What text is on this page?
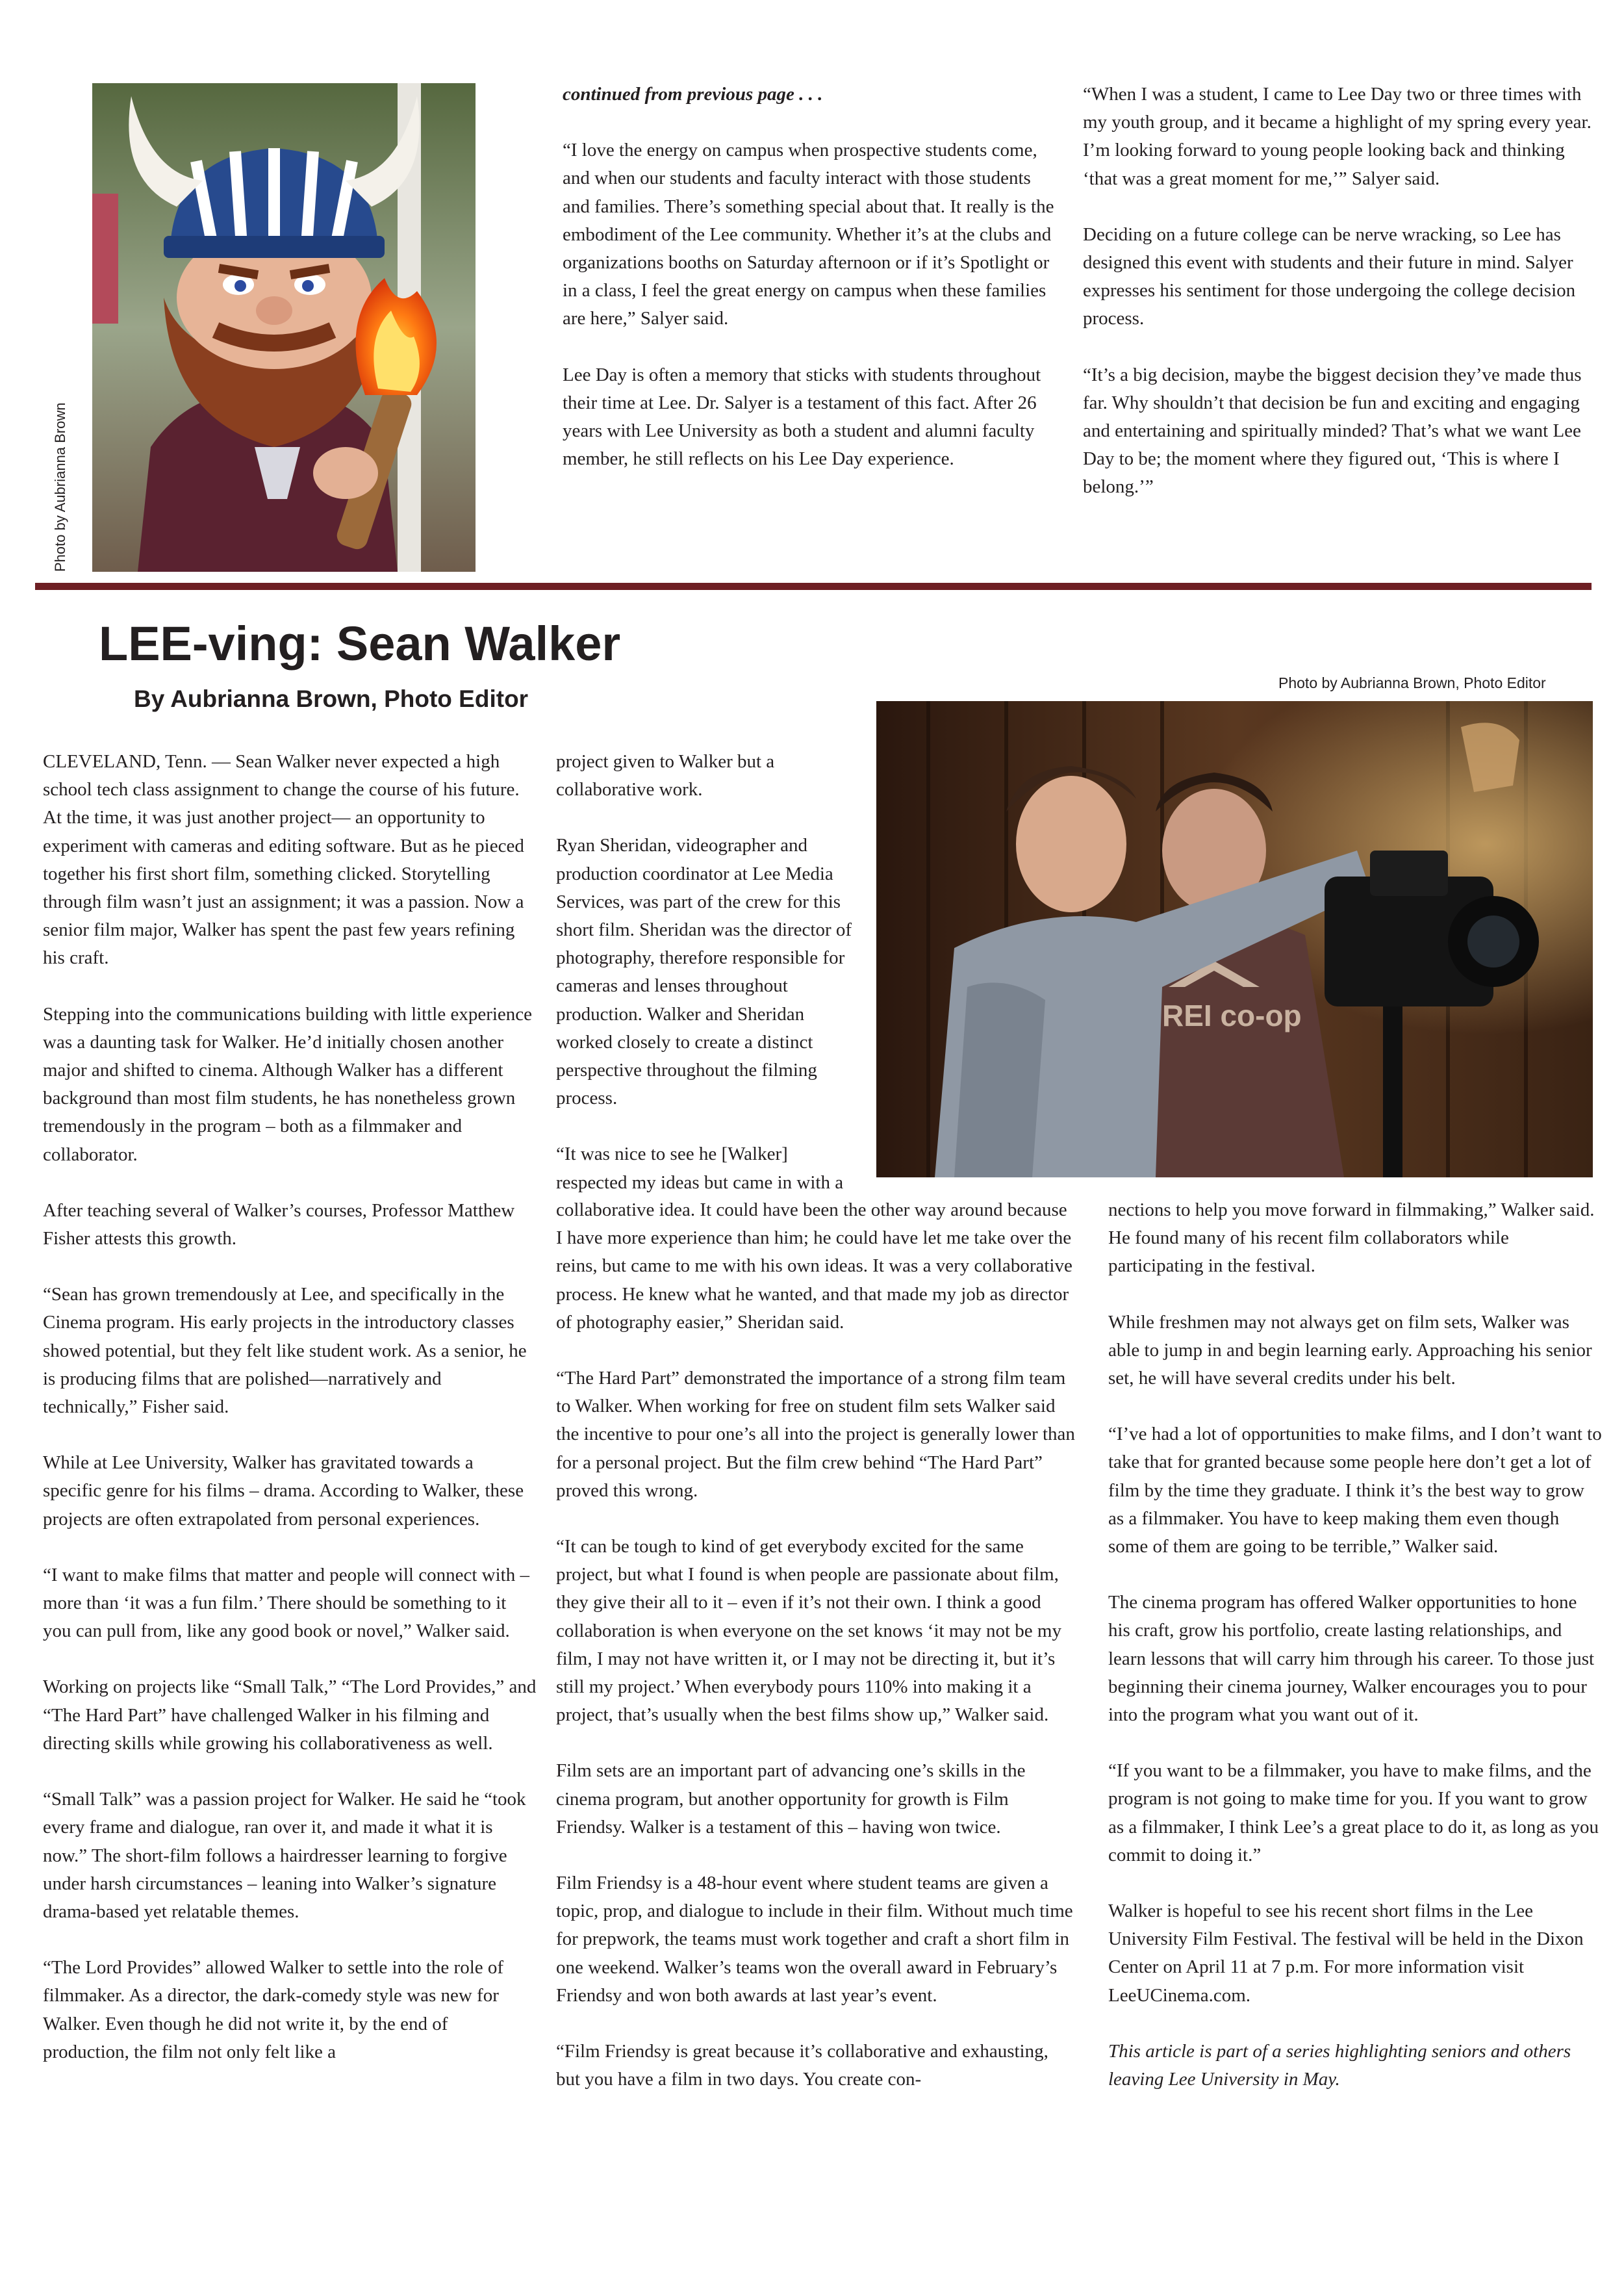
Photo by Aubrianna Brown

continued from previous page . . .

“I love the energy on campus when prospective students come, and when our students and faculty interact with those students and families. There’s something special about that. It really is the embodiment of the Lee community. Whether it’s at the clubs and organizations booths on Saturday afternoon or if it’s Spotlight or in a class, I feel the great energy on campus when these families are here,” Salyer said.

Lee Day is often a memory that sticks with students throughout their time at Lee. Dr. Salyer is a testament of this fact. After 26 years with Lee University as both a student and alumni faculty member, he still reflects on his Lee Day experience.

“When I was a student, I came to Lee Day two or three times with my youth group, and it became a highlight of my spring every year. I’m looking forward to young people looking back and thinking ‘that was a great moment for me,’” Salyer said.

Deciding on a future college can be nerve wracking, so Lee has designed this event with students and their future in mind. Salyer expresses his sentiment for those undergoing the college decision process.

“It’s a big decision, maybe the biggest decision they’ve made thus far. Why shouldn’t that decision be fun and exciting and engaging and entertaining and spiritually minded? That’s what we want Lee Day to be; the moment where they figured out, ‘This is where I belong.’”

LEE-ving: Sean Walker
By Aubrianna Brown, Photo Editor
Photo by Aubrianna Brown, Photo Editor
REI co-op

CLEVELAND, Tenn. — Sean Walker never expected a high school tech class assignment to change the course of his future. At the time, it was just another project— an opportunity to experiment with cameras and editing software. But as he pieced together his first short film, something clicked. Storytelling through film wasn’t just an assignment; it was a passion. Now a senior film major, Walker has spent the past few years refining his craft.

Stepping into the communications building with little experience was a daunting task for Walker. He’d initially chosen another major and shifted to cinema. Although Walker has a different background than most film students, he has nonetheless grown tremendously in the program – both as a filmmaker and collaborator.

After teaching several of Walker’s courses, Professor Matthew Fisher attests this growth.

“Sean has grown tremendously at Lee, and specifically in the Cinema program. His early projects in the introductory classes showed potential, but they felt like student work. As a senior, he is producing films that are polished—narratively and technically,” Fisher said.

While at Lee University, Walker has gravitated towards a specific genre for his films – drama. According to Walker, these projects are often extrapolated from personal experiences.

“I want to make films that matter and people will connect with – more than ‘it was a fun film.’ There should be something to it you can pull from, like any good book or novel,” Walker said.

Working on projects like “Small Talk,” “The Lord Provides,” and “The Hard Part” have challenged Walker in his filming and directing skills while growing his collaborativeness as well.

“Small Talk” was a passion project for Walker. He said he “took every frame and dialogue, ran over it, and made it what it is now.” The short-film follows a hairdresser learning to forgive under harsh circumstances – leaning into Walker’s signature drama-based yet relatable themes.

“The Lord Provides” allowed Walker to settle into the role of filmmaker. As a director, the dark-comedy style was new for Walker. Even though he did not write it, by the end of production, the film not only felt like a

project given to Walker but a collaborative work.

Ryan Sheridan, videographer and production coordinator at Lee Media Services, was part of the crew for this short film. Sheridan was the director of photography, therefore responsible for cameras and lenses throughout production. Walker and Sheridan worked closely to create a distinct perspective throughout the filming process.

“It was nice to see he [Walker] respected my ideas but came in with a

collaborative idea. It could have been the other way around because I have more experience than him; he could have let me take over the reins, but came to me with his own ideas. It was a very collaborative process. He knew what he wanted, and that made my job as director of photography easier,” Sheridan said.

“The Hard Part” demonstrated the importance of a strong film team to Walker. When working for free on student film sets Walker said the incentive to pour one’s all into the project is generally lower than for a personal project. But the film crew behind “The Hard Part” proved this wrong.

“It can be tough to kind of get everybody excited for the same project, but what I found is when people are passionate about film, they give their all to it – even if it’s not their own. I think a good collaboration is when everyone on the set knows ‘it may not be my film, I may not have written it, or I may not be directing it, but it’s still my project.’ When everybody pours 110% into making it a project, that’s usually when the best films show up,” Walker said.

Film sets are an important part of advancing one’s skills in the cinema program, but another opportunity for growth is Film Friendsy. Walker is a testament of this – having won twice.

Film Friendsy is a 48-hour event where student teams are given a topic, prop, and dialogue to include in their film. Without much time for prepwork, the teams must work together and craft a short film in one weekend. Walker’s teams won the overall award in February’s Friendsy and won both awards at last year’s event.

“Film Friendsy is great because it’s collaborative and exhausting, but you have a film in two days. You create con-

nections to help you move forward in filmmaking,” Walker said. He found many of his recent film collaborators while participating in the festival.

While freshmen may not always get on film sets, Walker was able to jump in and begin learning early. Approaching his senior set, he will have several credits under his belt.

“I’ve had a lot of opportunities to make films, and I don’t want to take that for granted because some people here don’t get a lot of film by the time they graduate. I think it’s the best way to grow as a filmmaker. You have to keep making them even though some of them are going to be terrible,” Walker said.

The cinema program has offered Walker opportunities to hone his craft, grow his portfolio, create lasting relationships, and learn lessons that will carry him through his career. To those just beginning their cinema journey, Walker encourages you to pour into the program what you want out of it.

“If you want to be a filmmaker, you have to make films, and the program is not going to make time for you. If you want to grow as a filmmaker, I think Lee’s a great place to do it, as long as you commit to doing it.”

Walker is hopeful to see his recent short films in the Lee University Film Festival. The festival will be held in the Dixon Center on April 11 at 7 p.m. For more information visit LeeUCinema.com.

This article is part of a series highlighting seniors and others leaving Lee University in May.
